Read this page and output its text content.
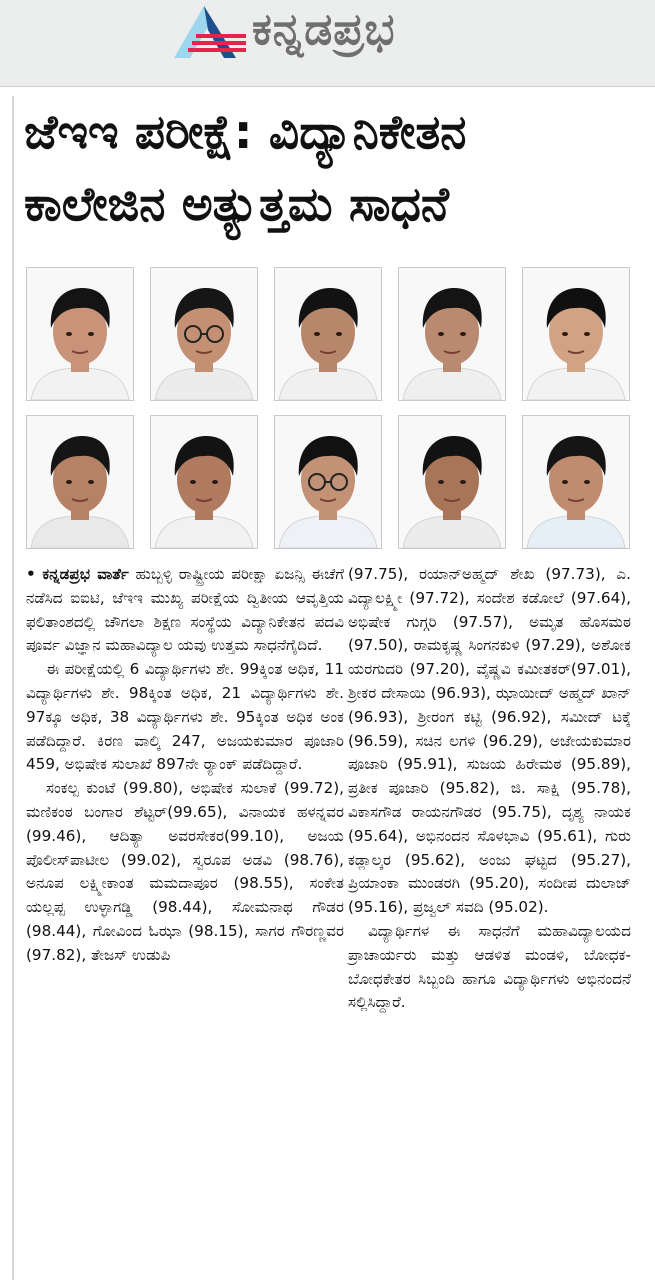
ಕನ್ನಡಪ್ರಭ
ಜೆಇಇ ಪರೀಕ್ಷೆ: ವಿದ್ಯಾನಿಕೇತನ
ಕಾಲೇಜಿನ ಅತ್ಯುತ್ತಮ ಸಾಧನೆ

• ಕನ್ನಡಪ್ರಭ ವಾರ್ತೆ ಹುಬ್ಬಳ್ಳಿ ರಾಷ್ಟ್ರೀಯ ಪರೀಕ್ಷಾ ಏಜನ್ಸಿ ಈಚೆಗೆ ನಡೆಸಿದ ಐಐಟಿ, ಜೆಇಇ ಮುಖ್ಯ ಪರೀಕ್ಷೆಯ ದ್ವಿತೀಯ ಆವೃತ್ತಿಯ ಫಲಿತಾಂಶದಲ್ಲಿ ಚೌಗಲಾ ಶಿಕ್ಷಣ ಸಂಸ್ಥೆಯ ವಿದ್ಯಾನಿಕೇತನ ಪದವಿ ಪೂರ್ವ ವಿಜ್ಞಾನ ಮಹಾವಿದ್ಯಾಲ ಯವು ಉತ್ತಮ ಸಾಧನೆಗೈದಿದೆ.

ಈ ಪರೀಕ್ಷೆಯಲ್ಲಿ 6 ವಿದ್ಯಾರ್ಥಿಗಳು ಶೇ. 99ಕ್ಕಿಂತ ಅಧಿಕ, 11 ವಿದ್ಯಾರ್ಥಿಗಳು ಶೇ. 98ಕ್ಕಿಂತ ಅಧಿಕ, 21 ವಿದ್ಯಾರ್ಥಿಗಳು ಶೇ. 97ಕ್ಕೂ ಅಧಿಕ, 38 ವಿದ್ಯಾರ್ಥಿಗಳು ಶೇ. 95ಕ್ಕಿಂತ ಅಧಿಕ ಅಂಕ ಪಡೆದಿದ್ದಾರೆ. ಕಿರಣ ವಾಲ್ಕಿ 247, ಅಜಯಕುಮಾರ ಪೂಜಾರಿ 459, ಅಭಿಷೇಕ ಸುಲಾಖೆ 897ನೇ ರ‍್ಯಾಂಕ್ ಪಡೆದಿದ್ದಾರೆ.

ಸಂಕಲ್ಪ ಕುಂಟೆ (99.80), ಅಭಿಷೇಕ ಸುಲಾಕೆ (99.72), ಮಣಿಕಂಠ ಬಂಗಾರ ಶೆಟ್ಟರ್(99.65), ವಿನಾಯಕ ಹಳನ್ನವರ (99.46), ಆದಿತ್ಯಾ ಅವರಸೇಕರ(99.10), ಅಜಯ ಪೊಲೀಸ್‌ಪಾಟೀಲ (99.02), ಸ್ವರೂಪ ಅಡವಿ (98.76), ಅನೂಪ ಲಕ್ಷ್ಮೀಕಾಂತ ಮಮದಾಪೂರ (98.55), ಸಂಕೇತ ಯಲ್ಲಪ್ಪ ಉಳ್ಳಾಗಡ್ಡಿ (98.44), ಸೋಮನಾಥ ಗೌಡರ (98.44), ಗೋವಿಂದ ಓಝಾ (98.15), ಸಾಗರ ಗೌರಣ್ಣವರ (97.82), ತೇಜಸ್ ಉಡುಪಿ

(97.75), ರಯಾನ್‌ಅಹ್ಮದ್ ಶೇಖ (97.73), ಎ. ವಿದ್ಯಾಲಕ್ಷ್ಮೀ (97.72), ಸಂದೇಶ ಕಡೋಲೆ (97.64), ಅಭಿಷೇಕ ಗುಗ್ಗರಿ (97.57), ಅಮೃತ ಹೊಸಮಠ (97.50), ರಾಮಕೃಷ್ಣ ಸಿಂಗನಕುಳಿ (97.29), ಅಶೋಕ ಯರಗುದರಿ (97.20), ವೈಷ್ಣವಿ ಕಮೀತಕರ್(97.01), ಶ್ರೀಕರ ದೇಸಾಯಿ (96.93), ಝಾಯೀದ್ ಅಹ್ಮದ್ ಖಾನ್ (96.93), ಶ್ರೀರಂಗ ಕಟ್ಟಿ (96.92), ಸಮೀದ್ ಟಕ್ಕೆ (96.59), ಸಚಿನ ಲಗಳಿ (96.29), ಅಜೇಯಕುಮಾರ ಪೂಜಾರಿ (95.91), ಸುಜಯ ಹಿರೇಮಠ (95.89), ಪ್ರತೀಕ ಪೂಜಾರಿ (95.82), ಜಿ. ಸಾಕ್ಷಿ (95.78), ವಿಕಾಸಗೌಡ ರಾಯನಗೌಡರ (95.75), ದೃಶ್ಯ ನಾಯಕ (95.64), ಅಭಿನಂದನ ಸೊಳಭಾವಿ (95.61), ಗುರು ಕಡ್ಲಾಲ್ಕರ (95.62), ಅಂಜು ಘಟ್ಟದ (95.27), ಪ್ರಿಯಾಂಕಾ ಮುಂಡರಗಿ (95.20), ಸಂದೀಪ ದುಲಾಜ್ (95.16), ಪ್ರಜ್ವಲ್ ಸವದಿ (95.02).

ವಿದ್ಯಾರ್ಥಿಗಳ ಈ ಸಾಧನೆಗೆ ಮಹಾವಿದ್ಯಾಲಯದ ಪ್ರಾಚಾರ್ಯರು ಮತ್ತು ಆಡಳಿತ ಮಂಡಳಿ, ಬೋಧಕ- ಬೋಧಕೇತರ ಸಿಬ್ಬಂದಿ ಹಾಗೂ ವಿದ್ಯಾರ್ಥಿಗಳು ಅಭಿನಂದನೆ ಸಲ್ಲಿಸಿದ್ದಾರೆ.
